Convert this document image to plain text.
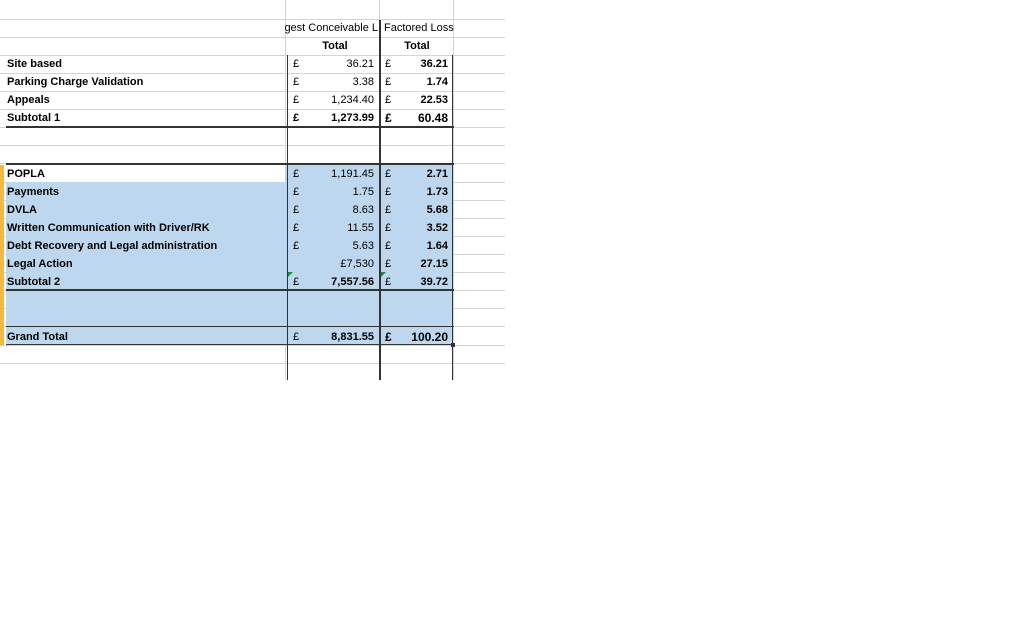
gest Conceivable L Factored Loss
Total	Total
Site based	£	36.21 £	36.21
Parking Charge Validation	£	3.38 £	1.74
Appeals	£	1,234.40 £	22.53
Subtotal 1	£	1,273.99 £	60.48
POPLA	£	1,191.45 £	2.71
Payments	£	1.75 £	1.73
DVLA	£	8.63 £	5.68
Written Communication with Driver/RK	£	11.55 £	3.52
Debt Recovery and Legal administration	£	5.63 £	1.64
Legal Action	£7,530 £	27.15
Subtotal 2	£	7,557.56 £	39.72
Grand Total	£	8,831.55 £	100.20
